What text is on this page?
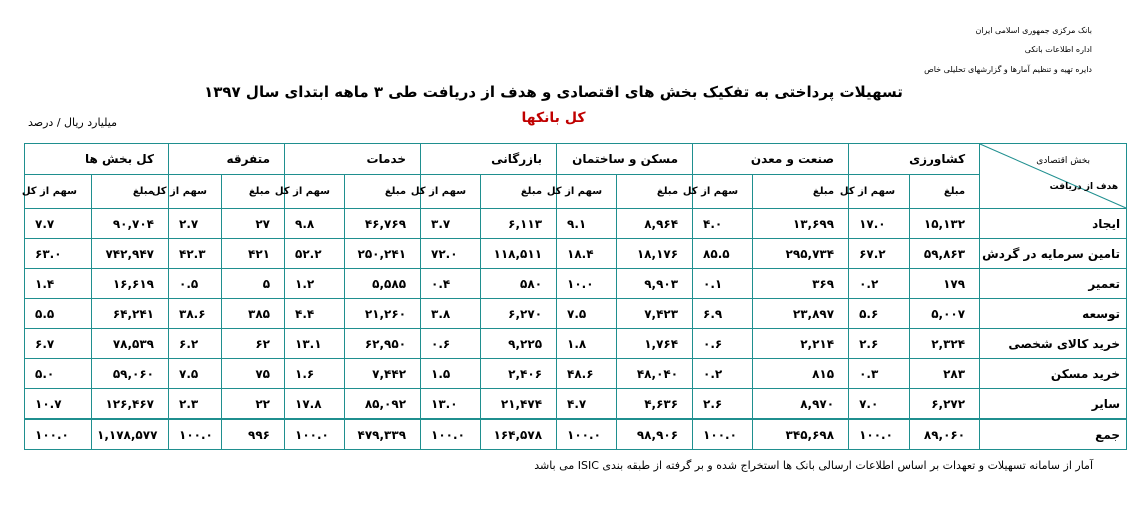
بانک مرکزی جمهوری اسلامی ایران
اداره اطلاعات بانکی
دایره تهیه و تنظیم آمارها و گزارشهای تحلیلی خاص
تسهیلات پرداختی به تفکیک بخش های اقتصادی و هدف از دریافت طی ۳ ماهه ابتدای سال ۱۳۹۷
میلیارد ریال / درصد	کل بانکها
کل بخش ها		متفرقه		خدمات		بازرگانی		مسکن و ساختمان		صنعت و معدن		کشاورزی		بخش اقتصادی
هدف از دریافت

سهم از کل	مبلغ	سهم از کل	مبلغ	سهم از کل	مبلغ	سهم از کل	مبلغ	سهم از کل	مبلغ	سهم از کل	مبلغ	سهم از کل	مبلغ	
۷.۷	۹۰,۷۰۴	۲.۷	۲۷	۹.۸	۴۶,۷۶۹	۳.۷	۶,۱۱۳	۹.۱	۸,۹۶۴	۴.۰	۱۳,۶۹۹	۱۷.۰	۱۵,۱۳۲	ایجاد
۶۳.۰	۷۴۲,۹۴۷	۴۲.۳	۴۲۱	۵۲.۲	۲۵۰,۲۴۱	۷۲.۰	۱۱۸,۵۱۱	۱۸.۴	۱۸,۱۷۶	۸۵.۵	۲۹۵,۷۳۴	۶۷.۲	۵۹,۸۶۳	تامین سرمایه در گردش
۱.۴	۱۶,۶۱۹	۰.۵	۵	۱.۲	۵,۵۸۵	۰.۴	۵۸۰	۱۰.۰	۹,۹۰۳	۰.۱	۳۶۹	۰.۲	۱۷۹	تعمیر
۵.۵	۶۴,۲۴۱	۳۸.۶	۳۸۵	۴.۴	۲۱,۲۶۰	۳.۸	۶,۲۷۰	۷.۵	۷,۴۲۳	۶.۹	۲۳,۸۹۷	۵.۶	۵,۰۰۷	توسعه
۶.۷	۷۸,۵۳۹	۶.۲	۶۲	۱۳.۱	۶۲,۹۵۰	۰.۶	۹,۲۲۵	۱.۸	۱,۷۶۴	۰.۶	۲,۲۱۴	۲.۶	۲,۳۲۴	خرید کالای شخصی
۵.۰	۵۹,۰۶۰	۷.۵	۷۵	۱.۶	۷,۴۴۲	۱.۵	۲,۴۰۶	۴۸.۶	۴۸,۰۴۰	۰.۲	۸۱۵	۰.۳	۲۸۳	خرید مسکن
۱۰.۷	۱۲۶,۴۶۷	۲.۳	۲۲	۱۷.۸	۸۵,۰۹۲	۱۳.۰	۲۱,۴۷۴	۴.۷	۴,۶۳۶	۲.۶	۸,۹۷۰	۷.۰	۶,۲۷۲	سایر
۱۰۰.۰	۱,۱۷۸,۵۷۷	۱۰۰.۰	۹۹۶	۱۰۰.۰	۴۷۹,۳۳۹	۱۰۰.۰	۱۶۴,۵۷۸	۱۰۰.۰	۹۸,۹۰۶	۱۰۰.۰	۳۴۵,۶۹۸	۱۰۰.۰	۸۹,۰۶۰	جمع
آمار از سامانه تسهیلات و تعهدات بر اساس اطلاعات ارسالی بانک ها استخراج شده و بر گرفته از طبقه بندی ISIC می باشد
